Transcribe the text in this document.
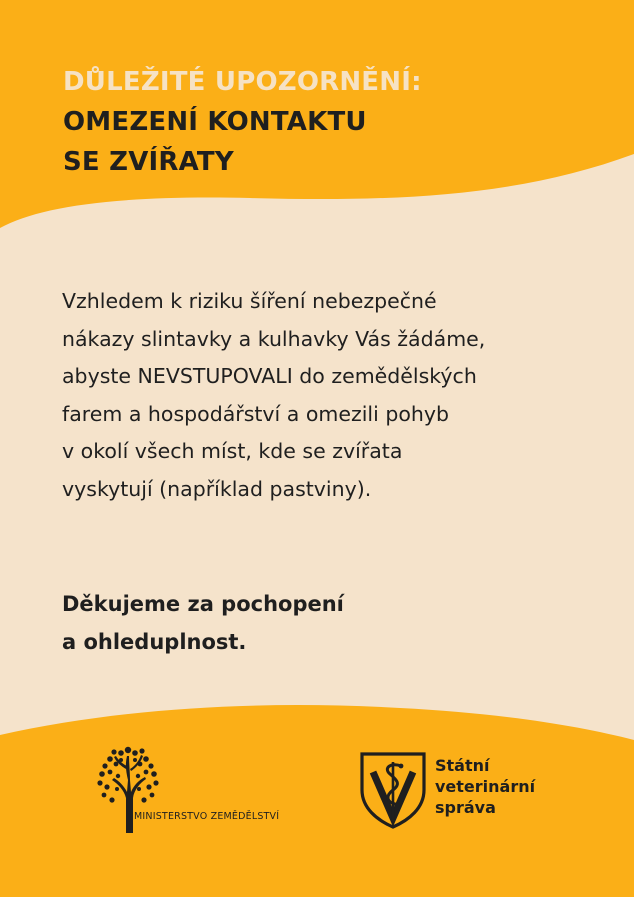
DŮLEŽITÉ UPOZORNĚNÍ:
OMEZENÍ KONTAKTU
SE ZVÍŘATY

Vzhledem k riziku šíření nebezpečné
nákazy slintavky a kulhavky Vás žádáme,
abyste NEVSTUPOVALI do zemědělských
farem a hospodářství a omezili pohyb
v okolí všech míst, kde se zvířata
vyskytují (například pastviny).

Děkujeme za pochopení
a ohleduplnost.

MINISTERSTVO ZEMĚDĚLSTVÍ

Státní
veterinární
správa
